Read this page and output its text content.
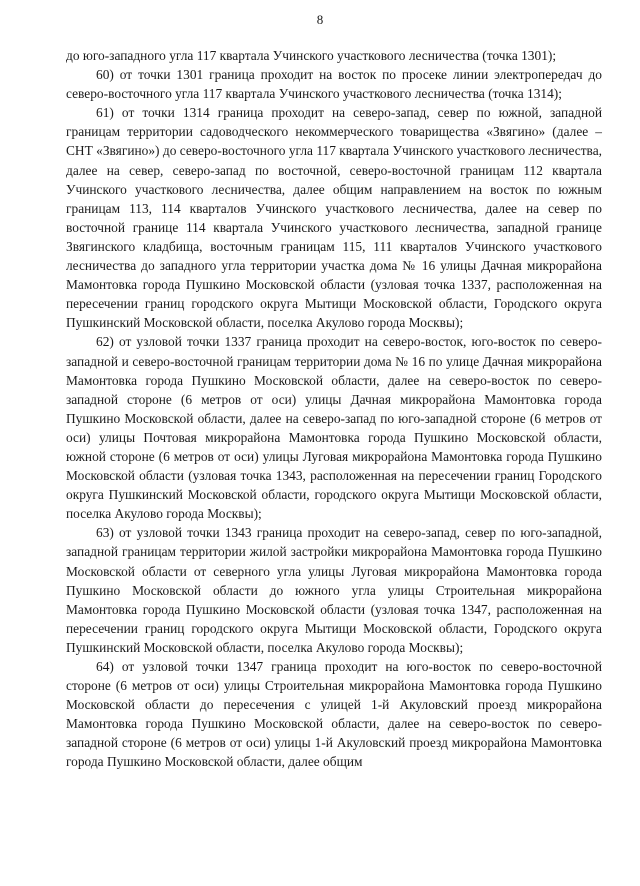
8

до юго-западного угла 117 квартала Учинского участкового лесничества (точка 1301);

60) от точки 1301 граница проходит на восток по просеке линии электропередач до северо-восточного угла 117 квартала Учинского участкового лесничества (точка 1314);

61) от точки 1314 граница проходит на северо-запад, север по южной, западной границам территории садоводческого некоммерческого товарищества «Звягино» (далее – СНТ «Звягино») до северо-восточного угла 117 квартала Учинского участкового лесничества, далее на север, северо-запад по восточной, северо-восточной границам 112 квартала Учинского участкового лесничества, далее общим направлением на восток по южным границам 113, 114 кварталов Учинского участкового лесничества, далее на север по восточной границе 114 квартала Учинского участкового лесничества, западной границе Звягинского кладбища, восточным границам 115, 111 кварталов Учинского участкового лесничества до западного угла территории участка дома № 16 улицы Дачная микрорайона Мамонтовка города Пушкино Московской области (узловая точка 1337, расположенная на пересечении границ городского округа Мытищи Московской области, Городского округа Пушкинский Московской области, поселка Акулово города Москвы);

62) от узловой точки 1337 граница проходит на северо-восток, юго-восток по северо-западной и северо-восточной границам территории дома № 16 по улице Дачная микрорайона Мамонтовка города Пушкино Московской области, далее на северо-восток по северо-западной стороне (6 метров от оси) улицы Дачная микрорайона Мамонтовка города Пушкино Московской области, далее на северо-запад по юго-западной стороне (6 метров от оси) улицы Почтовая микрорайона Мамонтовка города Пушкино Московской области, южной стороне (6 метров от оси) улицы Луговая микрорайона Мамонтовка города Пушкино Московской области (узловая точка 1343, расположенная на пересечении границ Городского округа Пушкинский Московской области, городского округа Мытищи Московской области, поселка Акулово города Москвы);

63) от узловой точки 1343 граница проходит на северо-запад, север по юго-западной, западной границам территории жилой застройки микрорайона Мамонтовка города Пушкино Московской области от северного угла улицы Луговая микрорайона Мамонтовка города Пушкино Московской области до южного угла улицы Строительная микрорайона Мамонтовка города Пушкино Московской области (узловая точка 1347, расположенная на пересечении границ городского округа Мытищи Московской области, Городского округа Пушкинский Московской области, поселка Акулово города Москвы);

64) от узловой точки 1347 граница проходит на юго-восток по северо-восточной стороне (6 метров от оси) улицы Строительная микрорайона Мамонтовка города Пушкино Московской области до пересечения с улицей 1-й Акуловский проезд микрорайона Мамонтовка города Пушкино Московской области, далее на северо-восток по северо-западной стороне (6 метров от оси) улицы 1-й Акуловский проезд микрорайона Мамонтовка города Пушкино Московской области, далее общим
